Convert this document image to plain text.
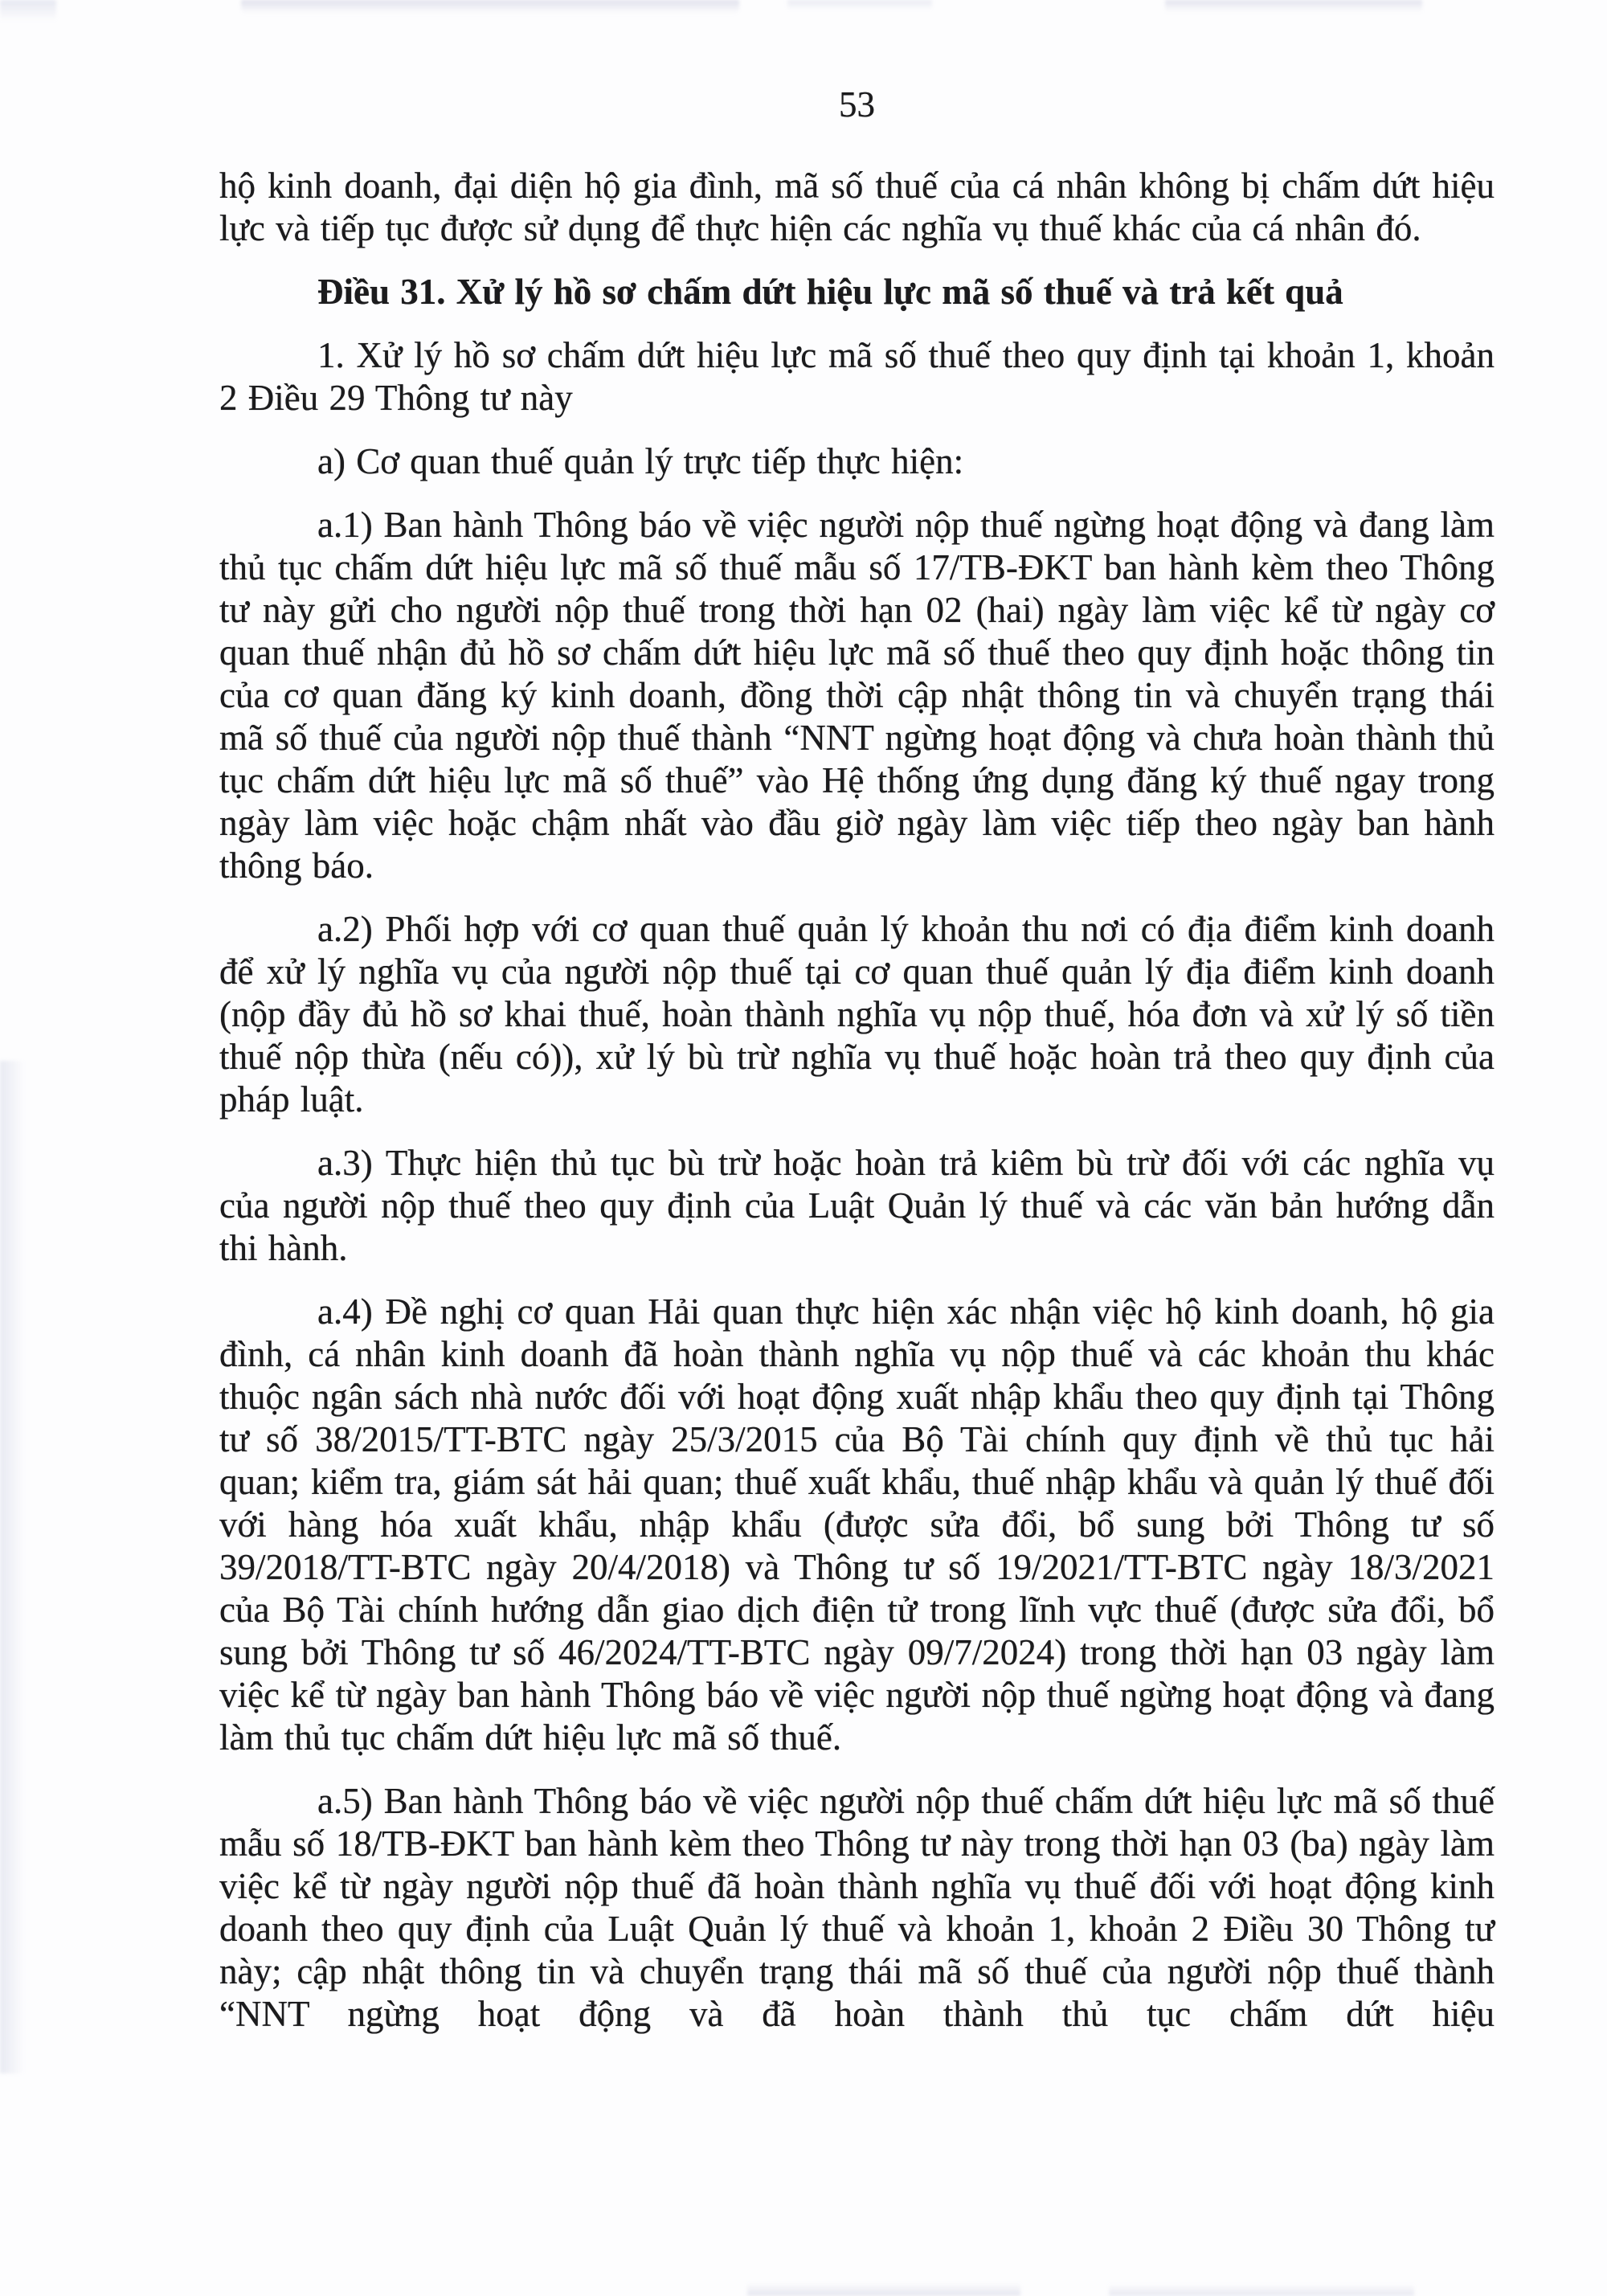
53

hộ kinh doanh, đại diện hộ gia đình, mã số thuế của cá nhân không bị chấm dứt hiệu lực và tiếp tục được sử dụng để thực hiện các nghĩa vụ thuế khác của cá nhân đó.

Điều 31. Xử lý hồ sơ chấm dứt hiệu lực mã số thuế và trả kết quả

1. Xử lý hồ sơ chấm dứt hiệu lực mã số thuế theo quy định tại khoản 1, khoản 2 Điều 29 Thông tư này

a) Cơ quan thuế quản lý trực tiếp thực hiện:

a.1) Ban hành Thông báo về việc người nộp thuế ngừng hoạt động và đang làm thủ tục chấm dứt hiệu lực mã số thuế mẫu số 17/TB-ĐKT ban hành kèm theo Thông tư này gửi cho người nộp thuế trong thời hạn 02 (hai) ngày làm việc kể từ ngày cơ quan thuế nhận đủ hồ sơ chấm dứt hiệu lực mã số thuế theo quy định hoặc thông tin của cơ quan đăng ký kinh doanh, đồng thời cập nhật thông tin và chuyển trạng thái mã số thuế của người nộp thuế thành “NNT ngừng hoạt động và chưa hoàn thành thủ tục chấm dứt hiệu lực mã số thuế” vào Hệ thống ứng dụng đăng ký thuế ngay trong ngày làm việc hoặc chậm nhất vào đầu giờ ngày làm việc tiếp theo ngày ban hành thông báo.

a.2) Phối hợp với cơ quan thuế quản lý khoản thu nơi có địa điểm kinh doanh để xử lý nghĩa vụ của người nộp thuế tại cơ quan thuế quản lý địa điểm kinh doanh (nộp đầy đủ hồ sơ khai thuế, hoàn thành nghĩa vụ nộp thuế, hóa đơn và xử lý số tiền thuế nộp thừa (nếu có)), xử lý bù trừ nghĩa vụ thuế hoặc hoàn trả theo quy định của pháp luật.

a.3) Thực hiện thủ tục bù trừ hoặc hoàn trả kiêm bù trừ đối với các nghĩa vụ của người nộp thuế theo quy định của Luật Quản lý thuế và các văn bản hướng dẫn thi hành.

a.4) Đề nghị cơ quan Hải quan thực hiện xác nhận việc hộ kinh doanh, hộ gia đình, cá nhân kinh doanh đã hoàn thành nghĩa vụ nộp thuế và các khoản thu khác thuộc ngân sách nhà nước đối với hoạt động xuất nhập khẩu theo quy định tại Thông tư số 38/2015/TT-BTC ngày 25/3/2015 của Bộ Tài chính quy định về thủ tục hải quan; kiểm tra, giám sát hải quan; thuế xuất khẩu, thuế nhập khẩu và quản lý thuế đối với hàng hóa xuất khẩu, nhập khẩu (được sửa đổi, bổ sung bởi Thông tư số 39/2018/TT-BTC ngày 20/4/2018) và Thông tư số 19/2021/TT-BTC ngày 18/3/2021 của Bộ Tài chính hướng dẫn giao dịch điện tử trong lĩnh vực thuế (được sửa đổi, bổ sung bởi Thông tư số 46/2024/TT-BTC ngày 09/7/2024) trong thời hạn 03 ngày làm việc kể từ ngày ban hành Thông báo về việc người nộp thuế ngừng hoạt động và đang làm thủ tục chấm dứt hiệu lực mã số thuế.

a.5) Ban hành Thông báo về việc người nộp thuế chấm dứt hiệu lực mã số thuế mẫu số 18/TB-ĐKT ban hành kèm theo Thông tư này trong thời hạn 03 (ba) ngày làm việc kể từ ngày người nộp thuế đã hoàn thành nghĩa vụ thuế đối với hoạt động kinh doanh theo quy định của Luật Quản lý thuế và khoản 1, khoản 2 Điều 30 Thông tư này; cập nhật thông tin và chuyển trạng thái mã số thuế của người nộp thuế thành “NNT ngừng hoạt động và đã hoàn thành thủ tục chấm dứt hiệu
